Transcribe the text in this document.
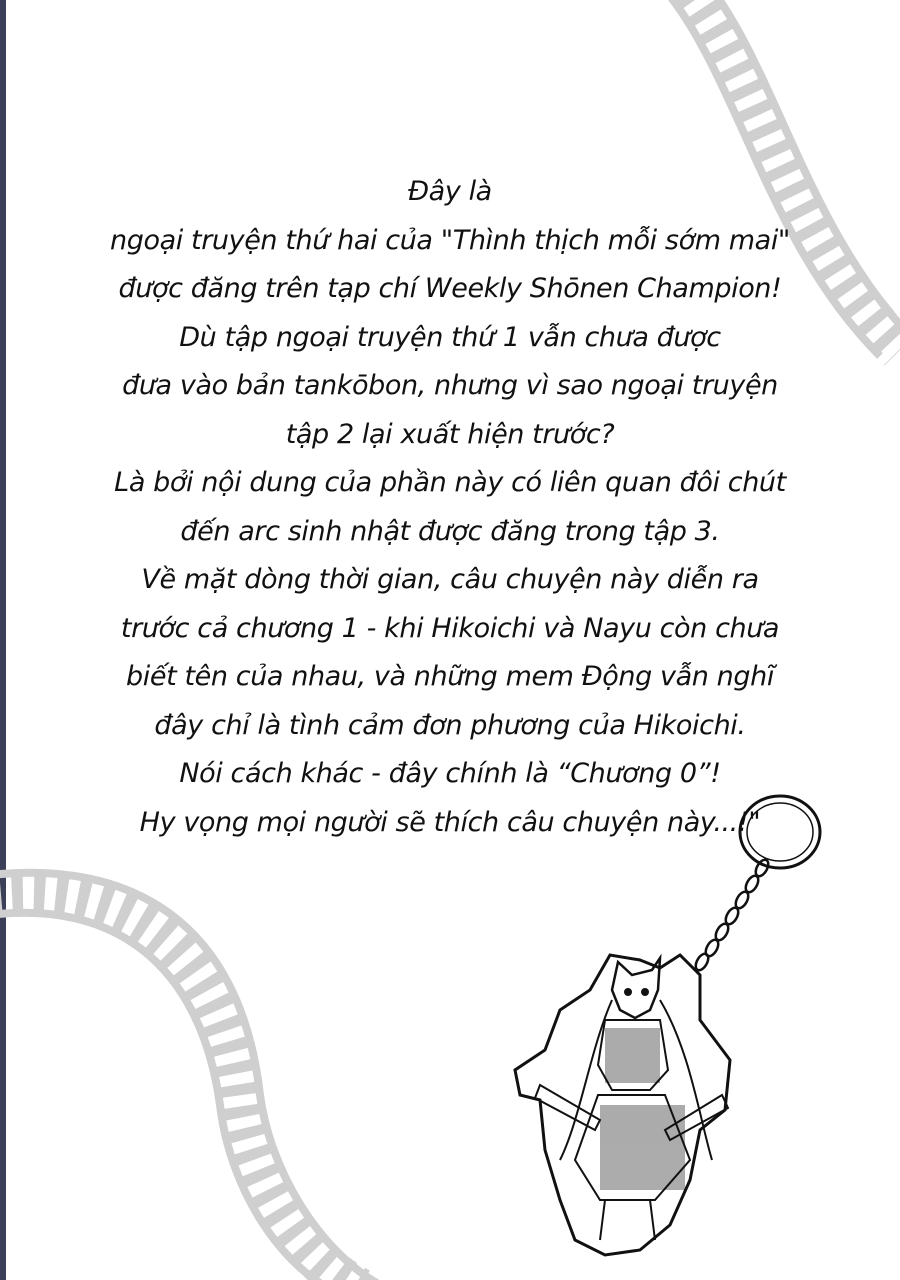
Đây là
ngoại truyện thứ hai của "Thình thịch mỗi sớm mai"
được đăng trên tạp chí Weekly Shōnen Champion!
Dù tập ngoại truyện thứ 1 vẫn chưa được
đưa vào bản tankōbon, nhưng vì sao ngoại truyện
tập 2 lại xuất hiện trước?
Là bởi nội dung của phần này có liên quan đôi chút
đến arc sinh nhật được đăng trong tập 3.
Về mặt dòng thời gian, câu chuyện này diễn ra
trước cả chương 1 - khi Hikoichi và Nayu còn chưa
biết tên của nhau, và những mem Động vẫn nghĩ
đây chỉ là tình cảm đơn phương của Hikoichi.
Nói cách khác - đây chính là “Chương 0”!
Hy vọng mọi người sẽ thích câu chuyện này...!"
